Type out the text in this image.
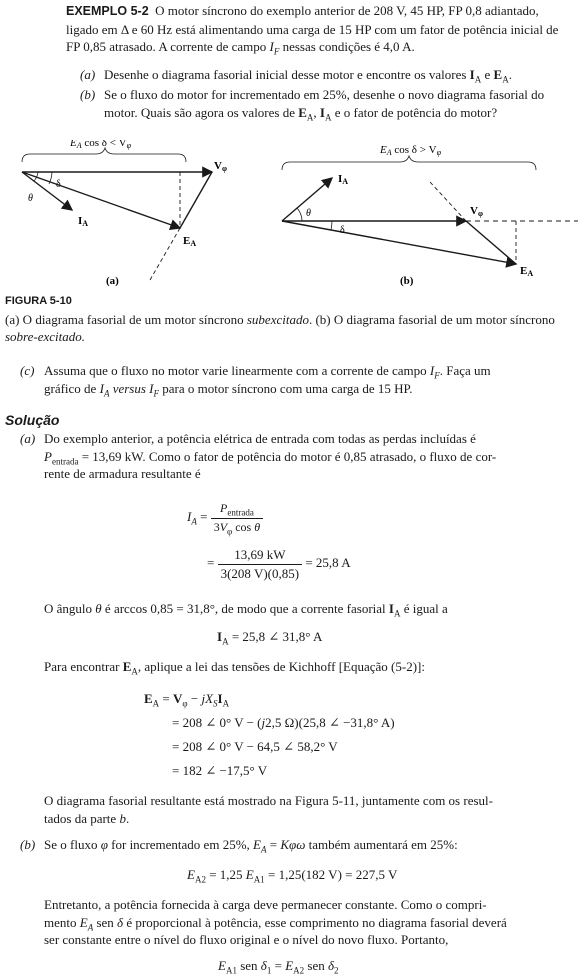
EXEMPLO 5-2 O motor síncrono do exemplo anterior de 208 V, 45 HP, FP 0,8 adiantado,
ligado em Δ e 60 Hz está alimentando uma carga de 15 HP com um fator de potência inicial de
FP 0,85 atrasado. A corrente de campo $I_F$ nessas condições é 4,0 A.
(a) Desenhe o diagrama fasorial inicial desse motor e encontre os valores $I_A$ e $E_A$.
(b) Se o fluxo do motor for incrementado em 25%, desenhe o novo diagrama fasorial do
motor. Quais são agora os valores de $E_A$, $I_A$ e o fator de potência do motor?
EA cos δ < Vφ
Vφ
EA
IA
δ
θ
(a)
EA cos δ > Vφ
Vφ
EA
IA
θ
δ
(b)
FIGURA 5-10
(a) O diagrama fasorial de um motor síncrono subexcitado. (b) O diagrama fasorial de um motor síncrono
sobre-excitado.
(c) Assuma que o fluxo no motor varie linearmente com a corrente de campo $I_F$. Faça um
gráfico de $I_A$ versus $I_F$ para o motor síncrono com uma carga de 15 HP.
Solução
(a) Do exemplo anterior, a potência elétrica de entrada com todas as perdas incluídas é
$P_{entrada} = 13,69$ kW. Como o fator de potência do motor é 0,85 atrasado, o fluxo de cor-
rente de armadura resultante é
$I_A = \frac{P_{entrada}}{3V_\varphi \cos \theta}$
= $\frac{13,69 kW}{3(208 V)(0,85)} = 25,8$ A
O ângulo θ é arccos 0,85 = 31,8°, de modo que a corrente fasorial $I_A$ é igual a
$I_A = 25,8$ ∠ 31,8° A
Para encontrar $E_A$, aplique a lei das tensões de Kichhoff [Equação (5-2)]:
$E_A = V_\varphi - jX_SI_A$
= 208 ∠ 0° V − (j2,5 Ω)(25,8 ∠ −31,8° A)
= 208 ∠ 0° V − 64,5 ∠ 58,2° V
= 182 ∠ −17,5° V
O diagrama fasorial resultante está mostrado na Figura 5-11, juntamente com os resul-
tados da parte b.
(b) Se o fluxo φ for incrementado em 25%, $E_A = K\varphi\omega$ também aumentará em 25%:
$E_{A2} = 1,25$ $E_{A1} = 1,25(182$ V) = 227,5 V
Entretanto, a potência fornecida à carga deve permanecer constante. Como o compri-
mento $E_A$ sen δ é proporcional à potência, esse comprimento no diagrama fasorial deverá
ser constante entre o nível do fluxo original e o nível do novo fluxo. Portanto,
$E_{A1}$ sen $\delta_1 = E_{A2}$ sen $\delta_2$
